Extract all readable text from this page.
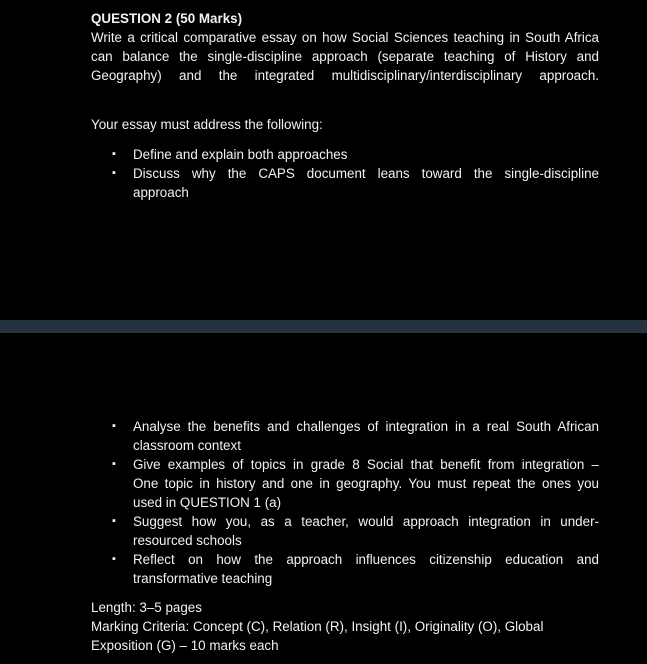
QUESTION 2 (50 Marks)

Write a critical comparative essay on how Social Sciences teaching in South Africa

can balance the single-discipline approach (separate teaching of History and

Geography) and the integrated multidisciplinary/interdisciplinary approach.

Your essay must address the following:

▪ Define and explain both approaches
▪ Discuss why the CAPS document leans toward the single-discipline
approach
▪ Analyse the benefits and challenges of integration in a real South African
classroom context
▪ Give examples of topics in grade 8 Social that benefit from integration –
One topic in history and one in geography. You must repeat the ones you
used in QUESTION 1 (a)
▪ Suggest how you, as a teacher, would approach integration in under-
resourced schools
▪ Reflect on how the approach influences citizenship education and
transformative teaching

Length: 3–5 pages

Marking Criteria: Concept (C), Relation (R), Insight (I), Originality (O), Global

Exposition (G) – 10 marks each
